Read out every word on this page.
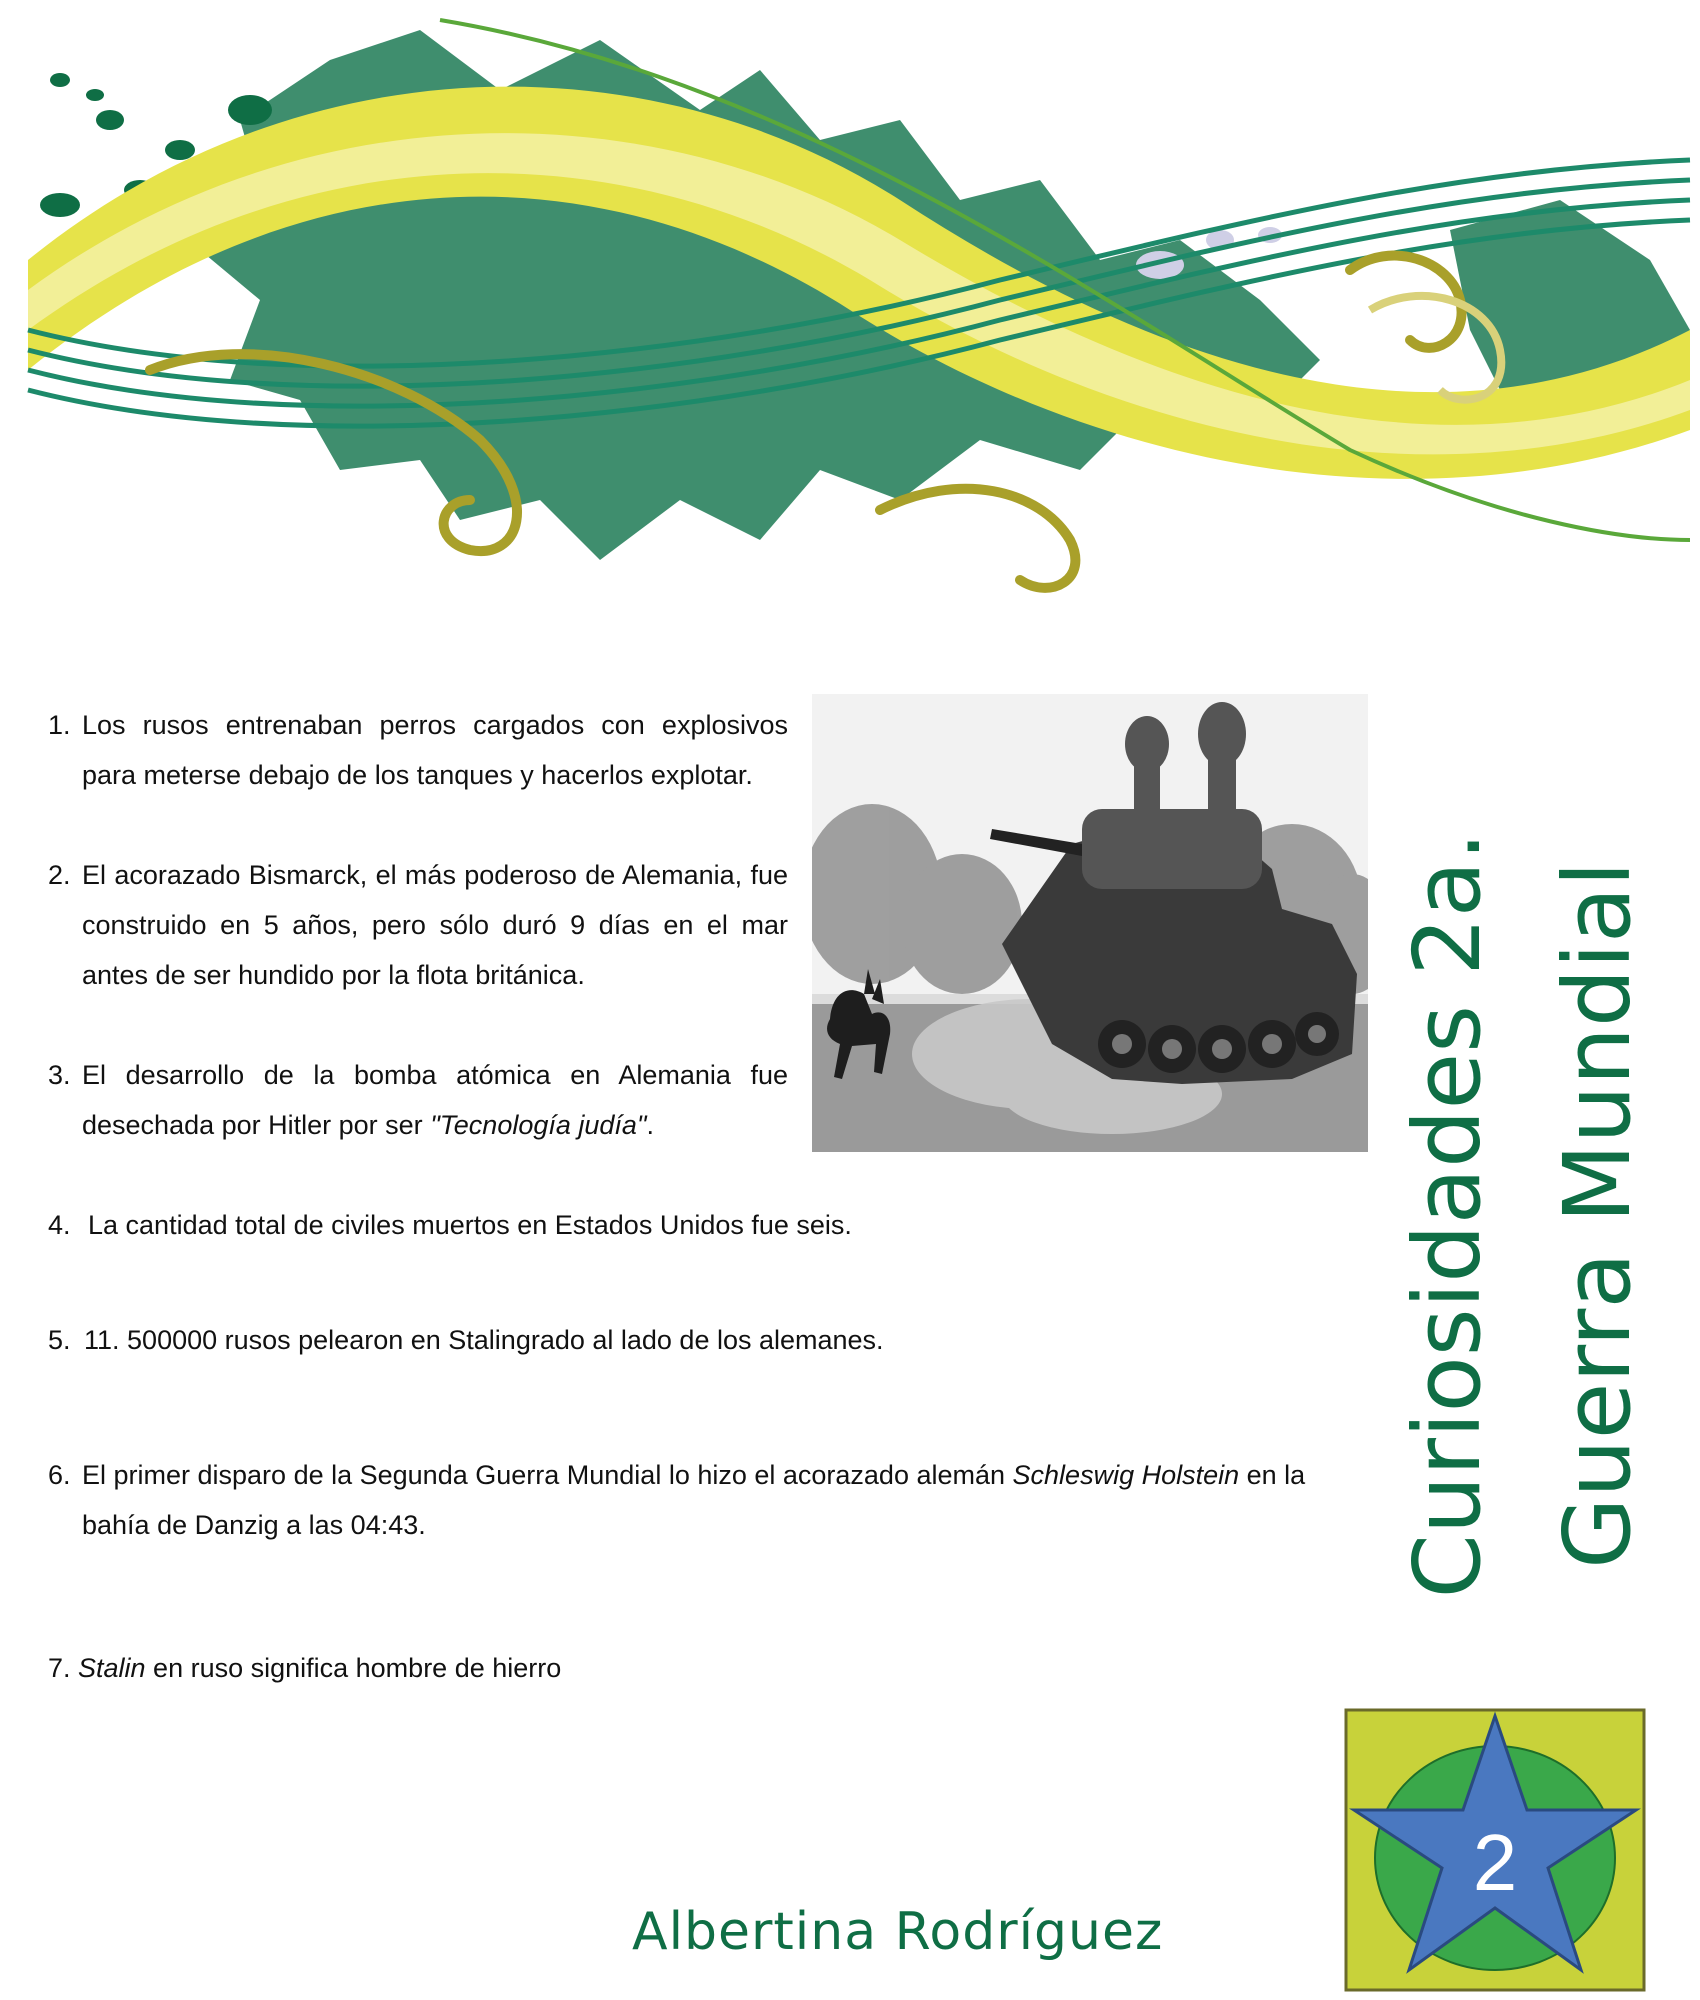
1. Los rusos entrenaban perros cargados con explosivos para meterse debajo de los tanques y hacerlos explotar.
2. El acorazado Bismarck, el más poderoso de Alemania, fue construido en 5 años, pero sólo duró 9 días en el mar antes de ser hundido por la flota británica.
3. El desarrollo de la bomba atómica en Alemania fue desechada por Hitler por ser "Tecnología judía".
4. La cantidad total de civiles muertos en Estados Unidos fue seis.
5. 11. 500000 rusos pelearon en Stalingrado al lado de los alemanes.
6. El primer disparo de la Segunda Guerra Mundial lo hizo el acorazado alemán Schleswig Holstein en la bahía de Danzig a las 04:43.
7. Stalin en ruso significa hombre de hierro
Curiosidades 2a. Guerra Mundial
Albertina Rodríguez
2
